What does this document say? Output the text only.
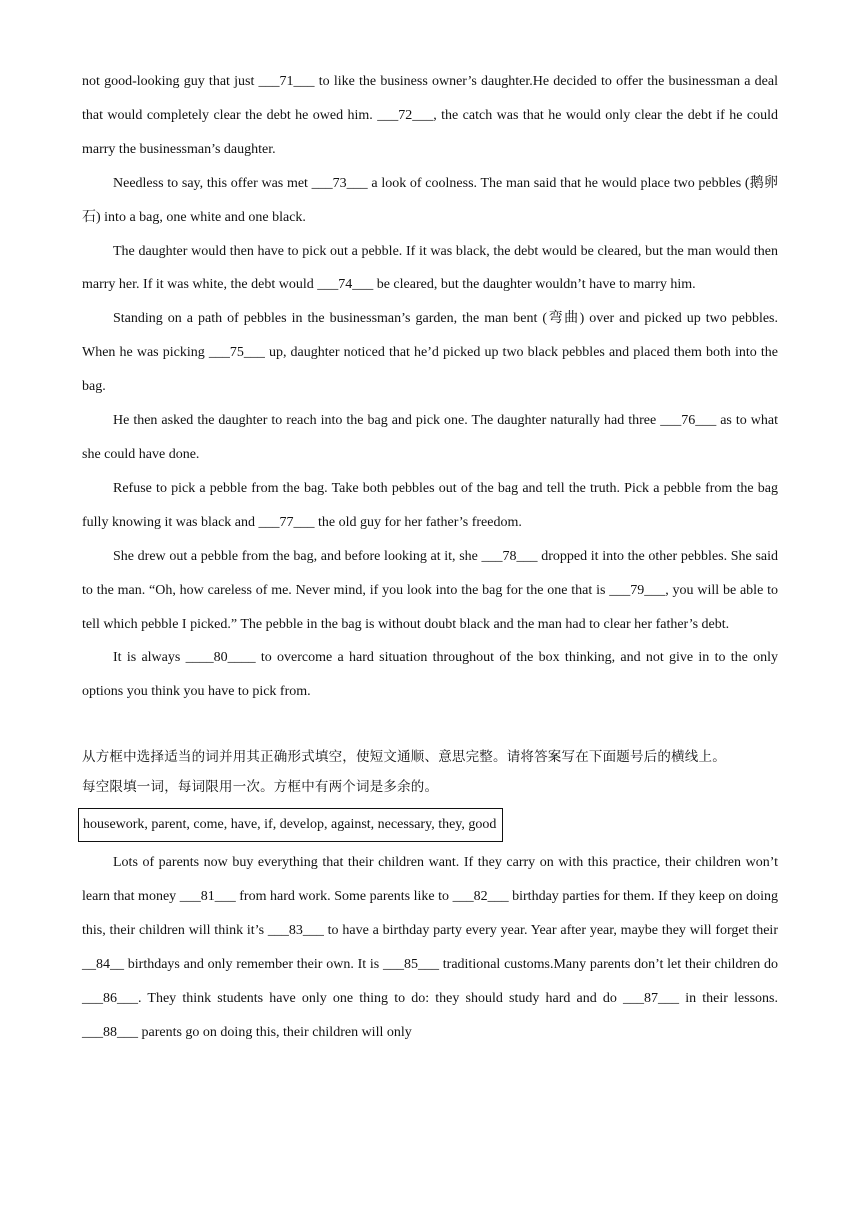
not good-looking guy that just ___71___ to like the business owner’s daughter.He decided to offer the businessman a deal that would completely clear the debt he owed him. ___72___, the catch was that he would only clear the debt if he could marry the businessman’s daughter.

Needless to say, this offer was met ___73___ a look of coolness. The man said that he would place two pebbles (鹅卵石) into a bag, one white and one black.

The daughter would then have to pick out a pebble. If it was black, the debt would be cleared, but the man would then marry her. If it was white, the debt would ___74___ be cleared, but the daughter wouldn’t have to marry him.

Standing on a path of pebbles in the businessman’s garden, the man bent (弯曲) over and picked up two pebbles. When he was picking ___75___ up, daughter noticed that he’d picked up two black pebbles and placed them both into the bag.

He then asked the daughter to reach into the bag and pick one. The daughter naturally had three ___76___ as to what she could have done.

Refuse to pick a pebble from the bag. Take both pebbles out of the bag and tell the truth. Pick a pebble from the bag fully knowing it was black and ___77___ the old guy for her father’s freedom.

She drew out a pebble from the bag, and before looking at it, she ___78___ dropped it into the other pebbles. She said to the man. “Oh, how careless of me. Never mind, if you look into the bag for the one that is ___79___, you will be able to tell which pebble I picked.” The pebble in the bag is without doubt black and the man had to clear her father’s debt.

It is always ____80____ to overcome a hard situation throughout of the box thinking, and not give in to the only options you think you have to pick from.

从方框中选择适当的词并用其正确形式填空，使短文通顺、意思完整。请将答案写在下面题号后的横线上。

每空限填一词，每词限用一次。方框中有两个词是多余的。

housework, parent, come, have, if, develop, against, necessary, they, good

Lots of parents now buy everything that their children want. If they carry on with this practice, their children won’t learn that money ___81___ from hard work. Some parents like to ___82___ birthday parties for them. If they keep on doing this, their children will think it’s ___83___ to have a birthday party every year. Year after year, maybe they will forget their __84__ birthdays and only remember their own. It is ___85___ traditional customs.Many parents don’t let their children do ___86___. They think students have only one thing to do: they should study hard and do ___87___ in their lessons. ___88___ parents go on doing this, their children will only
